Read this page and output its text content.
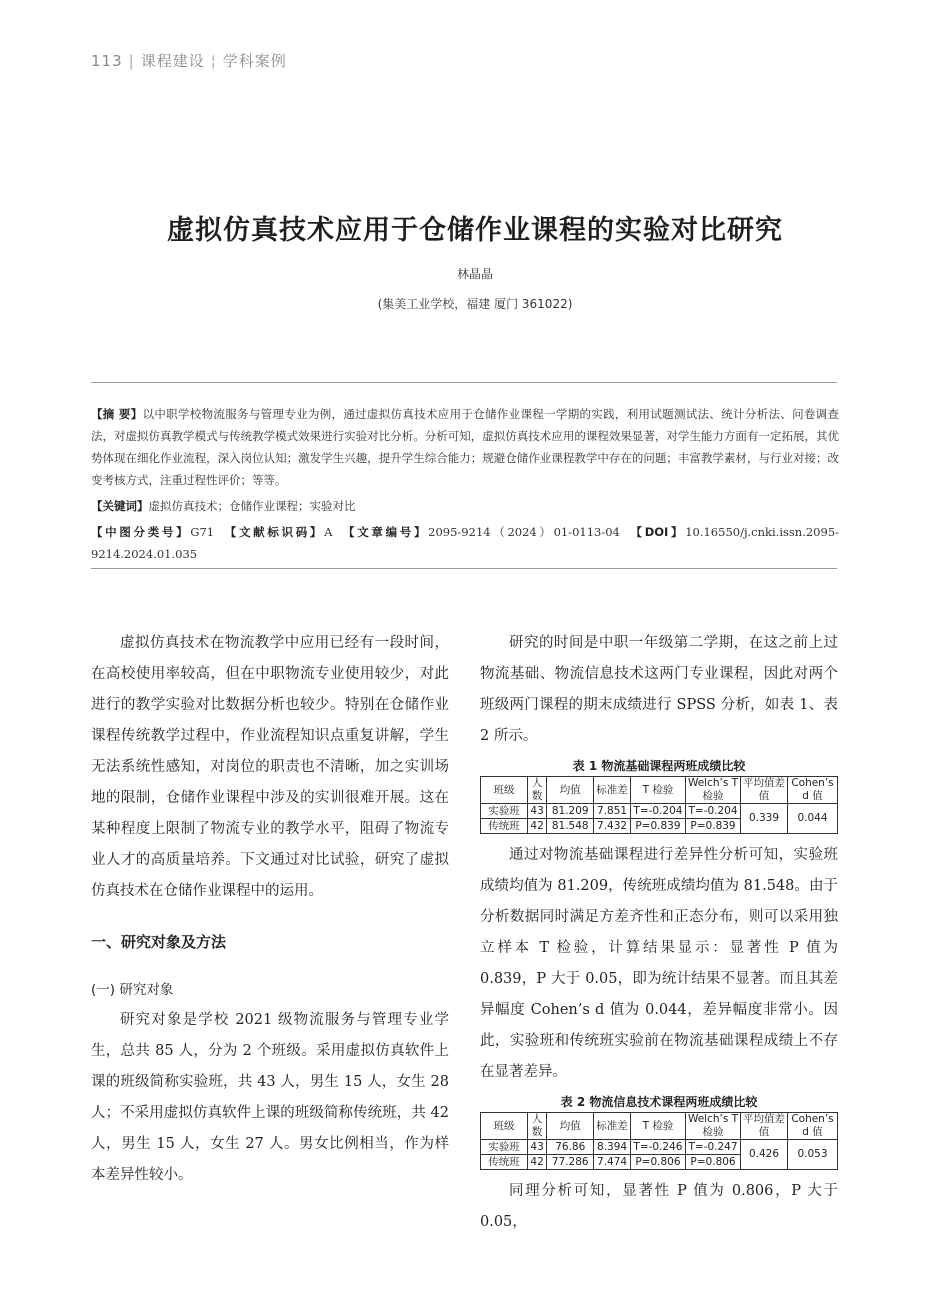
113 | 课程建设 ¦ 学科案例
虚拟仿真技术应用于仓储作业课程的实验对比研究
林晶晶
(集美工业学校，福建 厦门 361022)

【摘 要】以中职学校物流服务与管理专业为例，通过虚拟仿真技术应用于仓储作业课程一学期的实践，利用试题测试法、统计分析法、问卷调查法，对虚拟仿真教学模式与传统教学模式效果进行实验对比分析。分析可知，虚拟仿真技术应用的课程效果显著，对学生能力方面有一定拓展，其优势体现在细化作业流程，深入岗位认知；激发学生兴趣，提升学生综合能力；规避仓储作业课程教学中存在的问题；丰富教学素材，与行业对接；改变考核方式，注重过程性评价；等等。

【关键词】虚拟仿真技术；仓储作业课程；实验对比

【中图分类号】G71 【文献标识码】A 【文章编号】2095-9214（2024）01-0113-04 【DOI】10.16550/j.cnki.issn.2095-9214.2024.01.035

虚拟仿真技术在物流教学中应用已经有一段时间，在高校使用率较高，但在中职物流专业使用较少，对此进行的教学实验对比数据分析也较少。特别在仓储作业课程传统教学过程中，作业流程知识点重复讲解，学生无法系统性感知，对岗位的职责也不清晰，加之实训场地的限制，仓储作业课程中涉及的实训很难开展。这在某种程度上限制了物流专业的教学水平，阻碍了物流专业人才的高质量培养。下文通过对比试验，研究了虚拟仿真技术在仓储作业课程中的运用。

一、研究对象及方法
(一) 研究对象

研究对象是学校 2021 级物流服务与管理专业学生，总共 85 人，分为 2 个班级。采用虚拟仿真软件上课的班级简称实验班，共 43 人，男生 15 人，女生 28 人；不采用虚拟仿真软件上课的班级简称传统班，共 42 人，男生 15 人，女生 27 人。男女比例相当，作为样本差异性较小。

研究的时间是中职一年级第二学期，在这之前上过物流基础、物流信息技术这两门专业课程，因此对两个班级两门课程的期末成绩进行 SPSS 分析，如表 1、表 2 所示。

表 1 物流基础课程两班成绩比较
班级	人数	均值	标准差	T 检验	Welch’s T 检验	平均值差值	Cohen’s d 值
实验班	43	81.209	7.851	T=-0.204	T=-0.204	0.339	0.044
传统班	42	81.548	7.432	P=0.839	P=0.839		

通过对物流基础课程进行差异性分析可知，实验班成绩均值为 81.209，传统班成绩均值为 81.548。由于分析数据同时满足方差齐性和正态分布，则可以采用独立样本 T 检验，计算结果显示：显著性 P 值为 0.839，P 大于 0.05，即为统计结果不显著。而且其差异幅度 Cohen’s d 值为 0.044，差异幅度非常小。因此，实验班和传统班实验前在物流基础课程成绩上不存在显著差异。

表 2 物流信息技术课程两班成绩比较
班级	人数	均值	标准差	T 检验	Welch’s T 检验	平均值差值	Cohen’s d 值
实验班	43	76.86	8.394	T=-0.246	T=-0.247	0.426	0.053
传统班	42	77.286	7.474	P=0.806	P=0.806		

同理分析可知，显著性 P 值为 0.806，P 大于 0.05，
